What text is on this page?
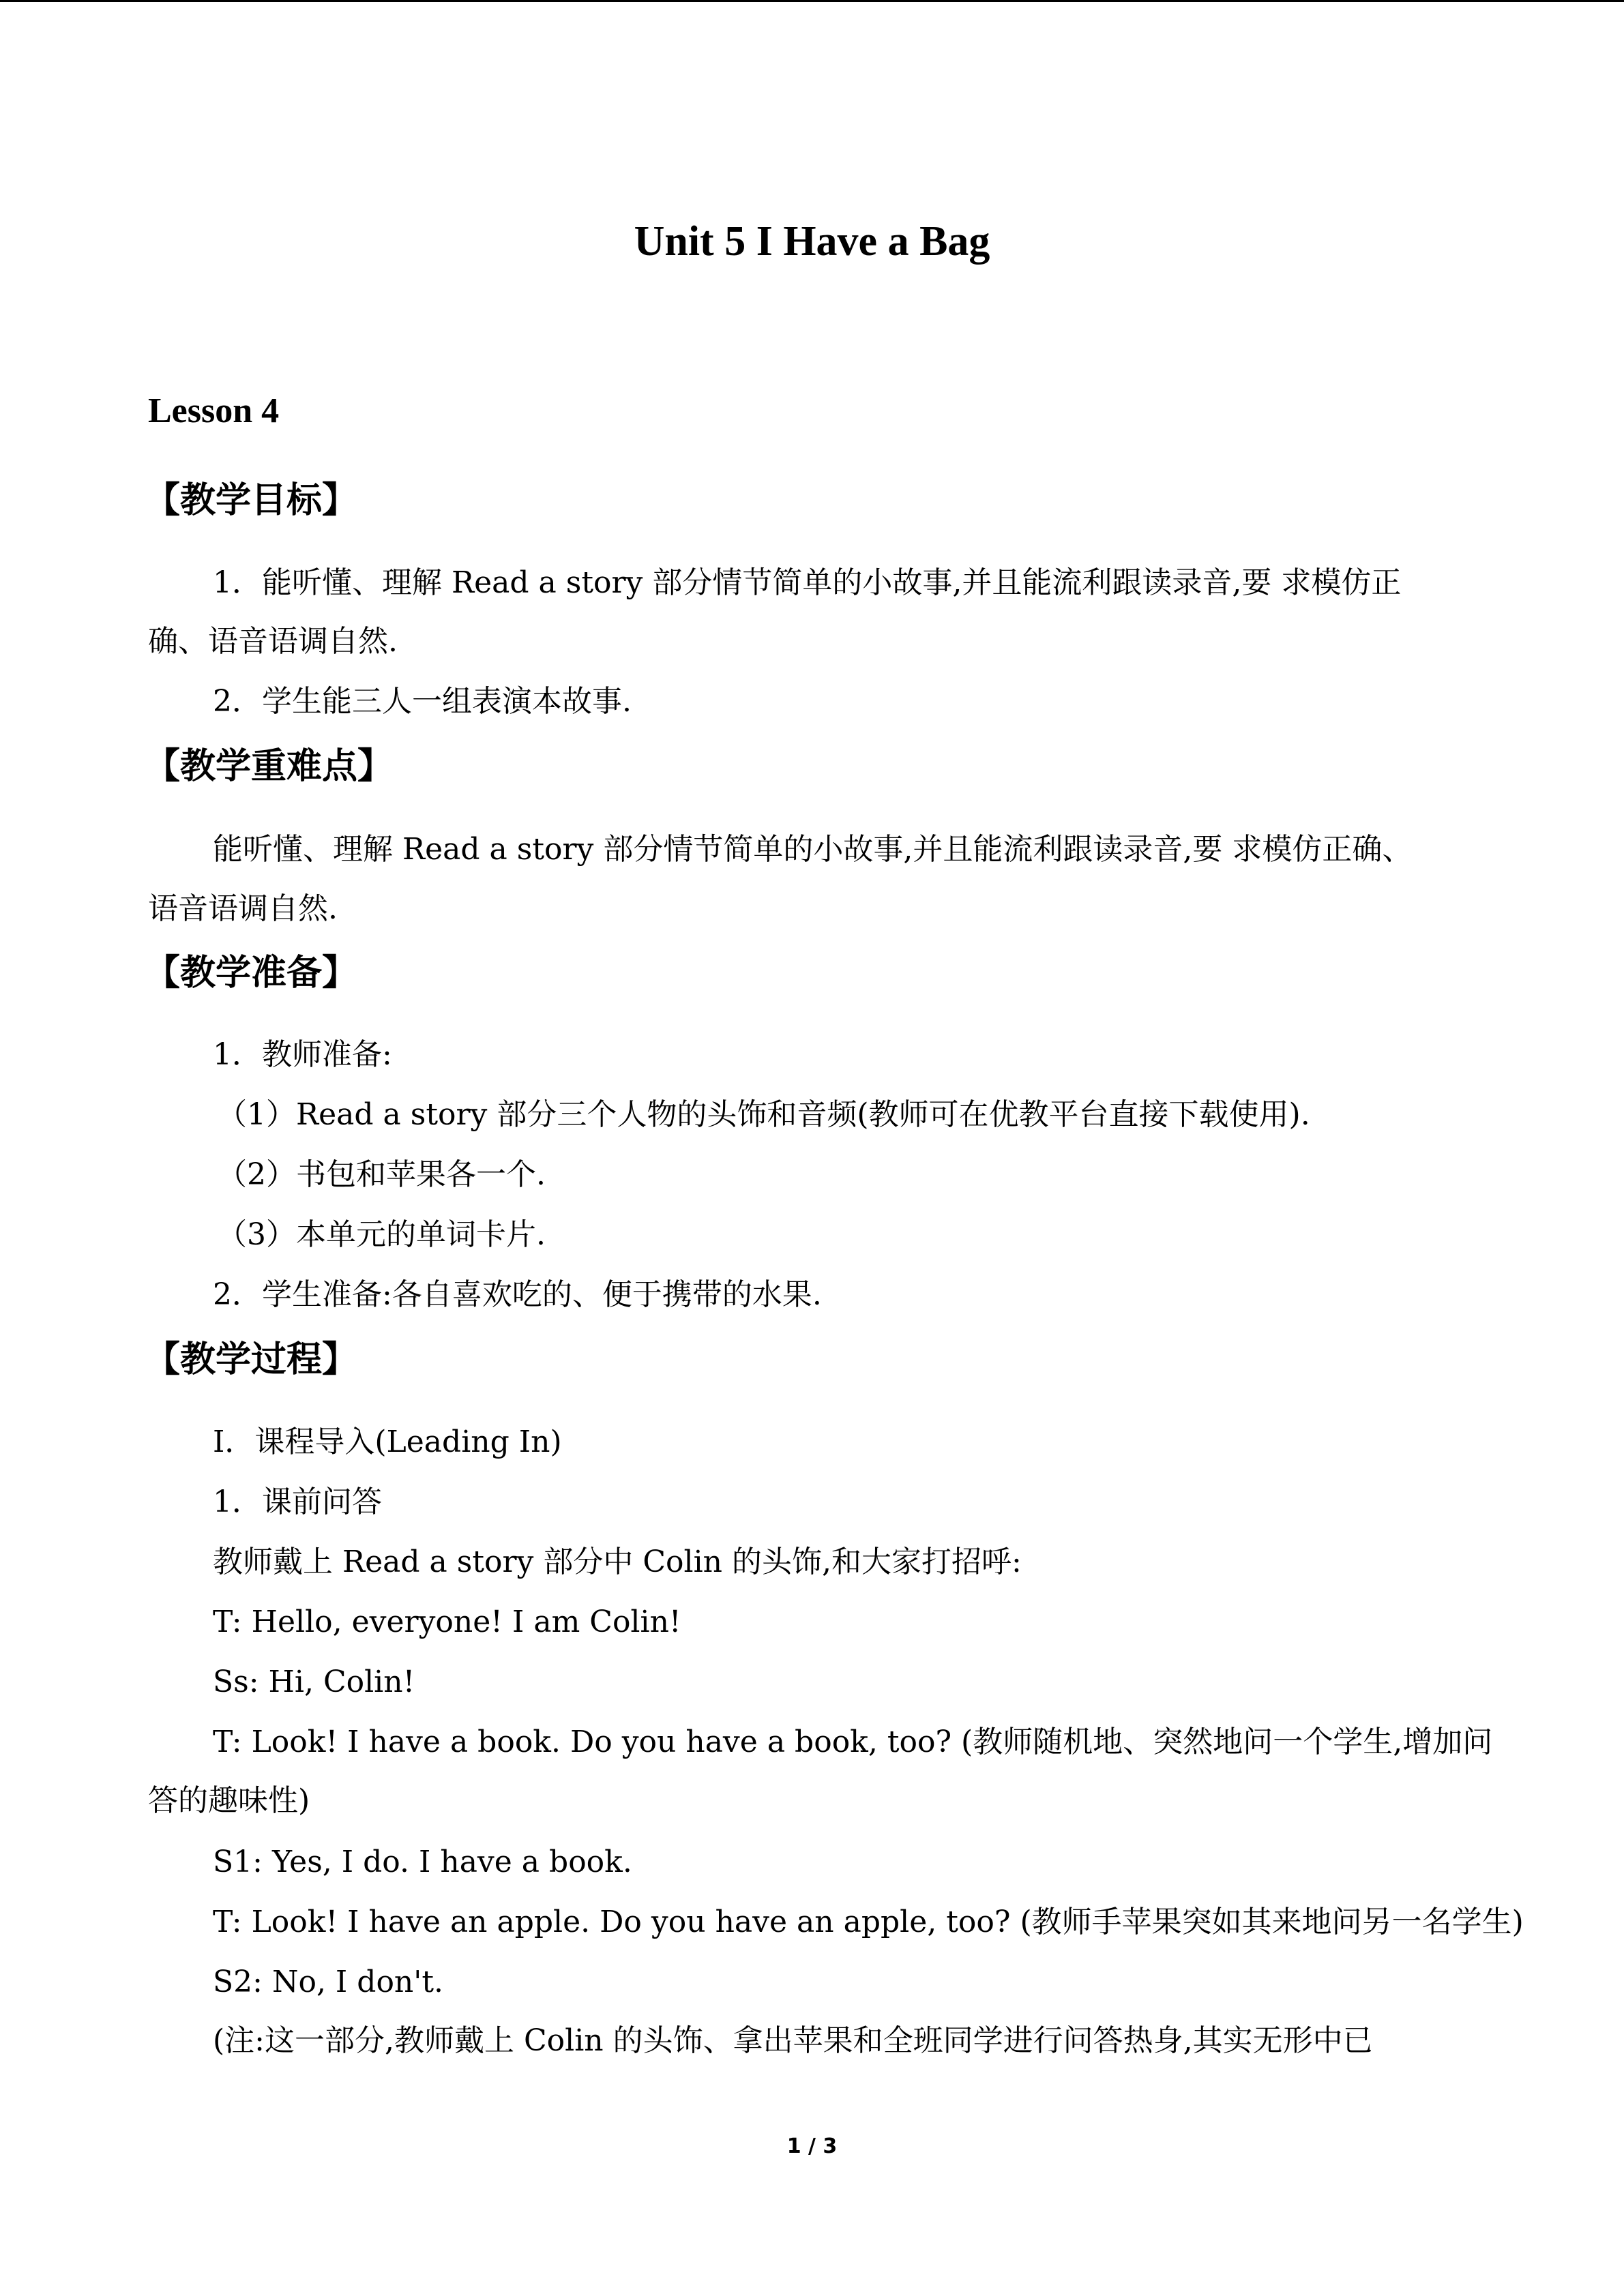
Unit 5 I Have a Bag
Lesson 4
【教学目标】
1．能听懂、理解 Read a story 部分情节简单的小故事,并且能流利跟读录音,要 求模仿正
确、语音语调自然.
2．学生能三人一组表演本故事.
【教学重难点】
能听懂、理解 Read a story 部分情节简单的小故事,并且能流利跟读录音,要 求模仿正确、
语音语调自然.
【教学准备】
1．教师准备:
（1）Read a story 部分三个人物的头饰和音频(教师可在优教平台直接下载使用).
（2）书包和苹果各一个.
（3）本单元的单词卡片.
2．学生准备:各自喜欢吃的、便于携带的水果.
【教学过程】
Ⅰ．课程导入(Leading In)
1．课前问答
教师戴上 Read a story 部分中 Colin 的头饰,和大家打招呼:
T: Hello, everyone! I am Colin!
Ss: Hi, Colin!
T: Look! I have a book. Do you have a book, too? (教师随机地、突然地问一个学生,增加问
答的趣味性)
S1: Yes, I do. I have a book.
T: Look! I have an apple. Do you have an apple, too? (教师手苹果突如其来地问另一名学生)
S2: No, I don't.
(注:这一部分,教师戴上 Colin 的头饰、拿出苹果和全班同学进行问答热身,其实无形中已
1 / 3
